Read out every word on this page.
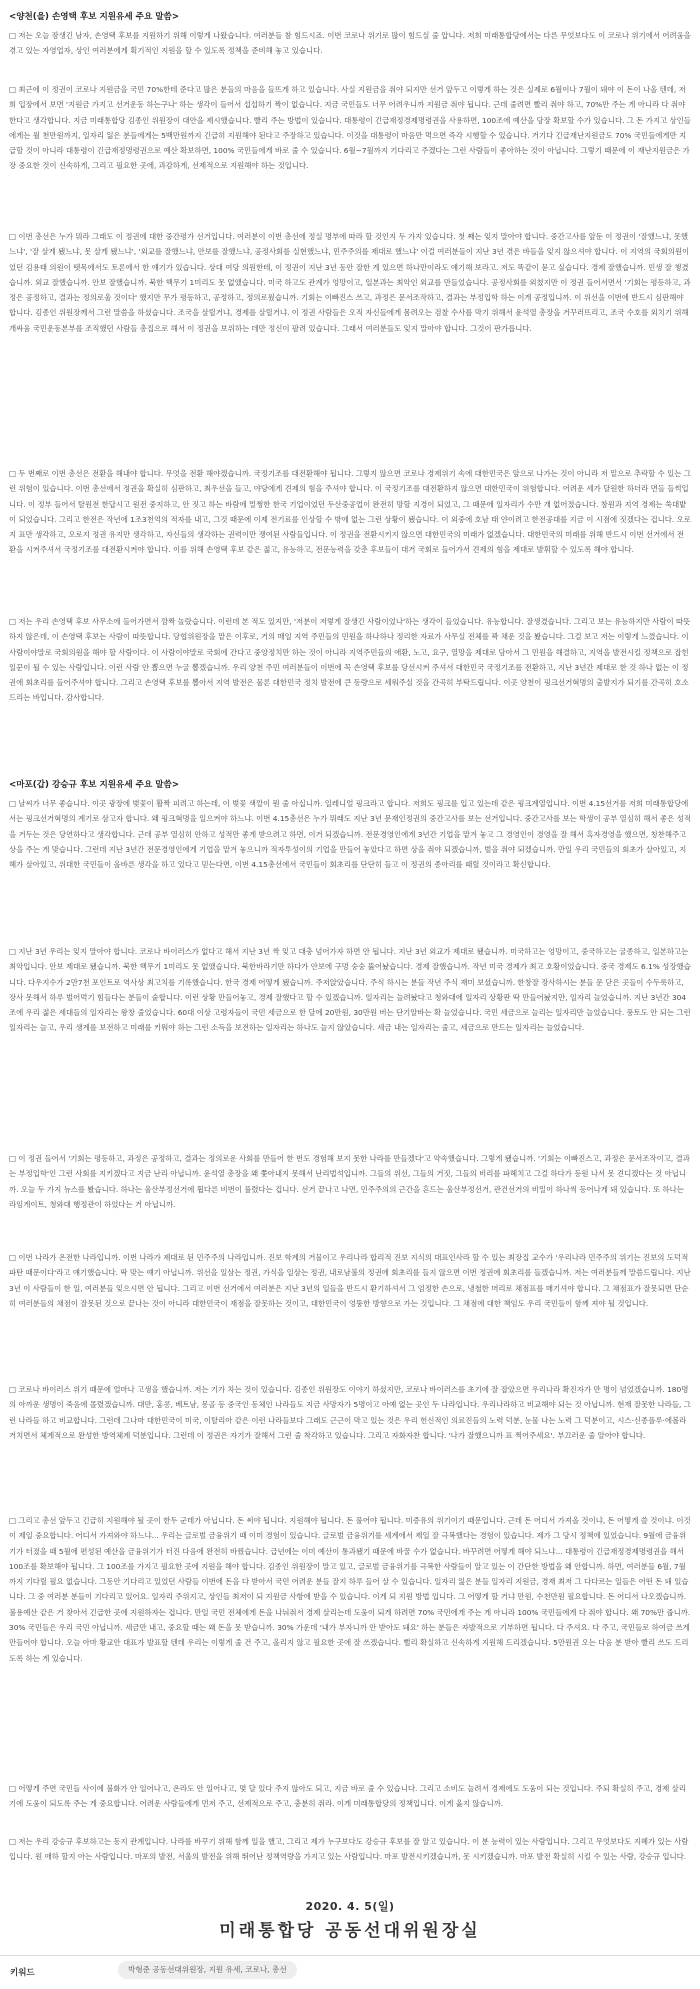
<양천(을) 손영택 후보 지원유세 주요 말씀>
□ 저는 오늘 잠생긴 남자, 손영택 후보를 지원하기 위해 이렇게 나왔습니다. 여러분들 참 힘드시죠. 이번 코로나 위기로 많이 힘드실 줄 압니다. 저희 미래통합당에서는 다른 무엇보다도 이 코로나 위기에서 어려움을 겪고 있는 자영업자, 상인 여러분에게 획기적인 지원을 할 수 있도록 정책을 준비해 놓고 있습니다.
□ 최근에 이 정권이 코로나 지원금을 국민 70%한테 준다고 많은 분들의 마음을 들뜨게 하고 있습니다. 사실 지원금을 줘야 되지만 선거 앞두고 이렇게 하는 것은 실제로 6월이나 7월이 돼야 이 돈이 나올 텐데, 저희 입장에서 보면 '지원금 가지고 선거운동 하는구나' 하는 생각이 들어서 섭섭하기 짝이 없습니다. 지금 국민들도 너무 어려우니까 지원금 줘야 됩니다. 근데 줄려면 빨리 줘야 하고, 70%만 주는 게 아니라 다 줘야 한다고 생각합니다. 지금 미래통합당 김종인 위원장이 대안을 제시했습니다. 빨리 주는 방법이 있습니다. 대통령이 긴급재정경제명령권을 사용하면, 100조에 예산을 당장 확보할 수가 있습니다. 그 돈 가지고 상인들에게는 월 천만원까지, 일자리 잃은 분들에게는 5백만원까지 긴급히 지원해야 된다고 주장하고 있습니다. 이것을 대통령이 마음만 먹으면 즉각 시행할 수 있습니다. 거기다 긴급재난지원금도 70% 국민들에게만 지급할 것이 아니라 대통령이 긴급재정명령권으로 예산 확보하면, 100% 국민들에게 바로 줄 수 있습니다. 6월~7월까지 기다리고 주겠다는 그런 사람들이 좋아하는 것이 아닙니다. 그렇기 때문에 이 재난지원금은 가장 중요한 것이 신속하게, 그리고 필요한 곳에, 과감하게, 선제적으로 지원해야 하는 것입니다.
□ 이번 총선은 누가 뭐라 그래도 이 정권에 대한 중간평가 선거입니다. 여러분이 이번 총선에 정실 명부에 따라 할 것인지 두 가지 있습니다. 첫 째는 잊지 말아야 합니다. 중간고사를 앞둔 이 정권이 '잘했느냐, 못했느냐', '잘 살게 됐느냐, 못 살게 됐느냐', '외교를 잘했느냐, 안보를 잘했느냐, 공정사회를 실현했느냐, 민주주의를 제대로 했느냐' 이걸 여러분들이 지난 3년 겪은 바들을 잊지 않으셔야 합니다. 이 지역의 국회의원이었던 김용태 의원이 뗏목에서도 토론에서 한 얘기가 있습니다. 상대 여당 의원한테, 이 정권이 지난 3년 동안 잘한 게 있으면 하나만이라도 얘기해 보라고. 저도 똑같이 묻고 싶습니다. 경제 잘했습니까. 민생 잘 챙겼습니까. 외교 잘했습니까. 안보 잘했습니까. 북한 핵무기 1미리도 못 없앴습니다. 미국 하고도 관계가 엉망이고, 일본과는 최악인 외교를 만들었습니다. 공정사회를 외쳤지만 이 정권 들어서면서 '기회는 평등하고, 과정은 공정하고, 결과는 정의로울 것이다' 했지만 무가 평등하고, 공정하고, 정의로웠습니까. 기회는 이빠진스 쓰고, 과정은 문서조작하고, 결과는 부정입학 하는 이게 공정입니까. 이 위선을 이번에 반드시 심판해야 합니다. 김종인 위원장께서 그런 말씀을 하셨습니다. 조국을 살릴거냐, 경제를 살릴거냐. 이 정권 사람들은 오직 자신들에게 몸려오는 검찰 수사를 막기 위해서 윤석열 총장을 거꾸러뜨리고, 조국 수호를 외치기 위해 개싸움 국민운동본부를 조직했던 사람들 총집으로 해서 이 정권을 보위하는 데만 정신이 팔려 있습니다. 그래서 여러분들도 잊지 말아야 합니다. 그것이 판가릅니다.
□ 두 번째로 이번 총선은 전환을 해내야 합니다. 무엇을 전환 해야겠습니까. 국정기조를 대전환해야 됩니다. 그렇지 않으면 코로나 경제위기 속에 대한민국은 앞으로 나가는 것이 아니라 저 밑으로 추락할 수 있는 그런 위험이 있습니다. 이번 총선에서 정권을 확실히 심판하고, 최우선을 들고, 야당에게 견제의 힘을 주셔야 합니다. 이 국정기조를 대전환하지 않으면 대한민국이 위험합니다. 어려운 세가 달원한 하더라 면들 들썩입니다. 이 정부 들어서 탈원전 한답시고 원전 중지하고, 안 짓고 하는 바람에 멀쩡한 한국 기업이었던 두산중공업이 완전히 망할 지경이 되었고, 그 때문에 일자리가 수만 개 없어졌습니다. 창원과 지역 경제는 쑥대밭이 되었습니다. 그리고 한전은 작년에 1조3천억의 적자를 내고, 그것 때문에 이제 전기료를 인상할 수 밖에 없는 그런 상황이 됐습니다. 이 외중에 호남 태 얀이려고 한전공대를 지금 이 시점에 짓겠다는 겁니다. 오로지 표만 생각하고, 오로지 정권 유지만 생각하고, 자신들의 생각하는 권력이만 쟁여된 사람들입니다. 이 정권을 전환시키지 않으면 대한민국의 미래가 없겠습니다. 대한민국의 미래를 위해 반드시 이번 선거에서 전환을 시켜주셔서 국정기조를 대전환시켜야 합니다. 이를 위해 손영택 후보 같은 젊고, 유능하고, 전문능력을 갖춘 후보들이 대거 국회로 들어가서 견제의 힘을 제대로 발휘할 수 있도록 해야 합니다.
□ 저는 우리 손영택 후보 사무소에 들어가면서 깜짝 놀랐습니다. 이런데 본 적도 있지만, '저분이 저렇게 잘생긴 사람이었나'하는 생각이 들었습니다. 유능합니다. 잘생겼습니다. 그리고 보는 유능하지만 사람이 따뜻하지 않은데, 이 손영택 후보는 사람이 따뜻합니다. 당협위원장을 맡은 이후로, 거의 매일 지역 주민들의 민원을 하나하나 정리한 자료가 사무실 전체를 꽉 채운 것을 봤습니다. 그걸 보고 저는 이렇게 느꼈습니다. 이 사람이야말로 국회의원을 해야 할 사람이다. 이 사람이야말로 국회에 간다고 중앙정치만 하는 것이 아니라 지역주민들의 애환, 노고, 요구, 열망을 제대로 담아서 그 민원을 해결하고, 지역을 발전시킬 정책으로 잡힌 일꾼이 될 수 있는 사람입니다. 이런 사람 안 뽑으면 누굴 뽑겠습니까. 우리 양천 주민 여러분들이 이번에 꼭 손영택 후보를 당선시켜 주셔서 대한민국 국정기조를 전환하고, 지난 3년간 제대로 한 것 하나 없는 이 정권에 회초리를 들어주셔야 합니다. 그리고 손영택 후보를 뽑아서 지역 발전은 물론 대한민국 정치 발전에 큰 동량으로 세워주실 것을 간곡히 부탁드립니다. 이곳 양천이 핑크선거혁명의 출발지가 되기를 간곡히 호소드리는 바입니다. 감사합니다.
<마포(갑) 강승규 후보 지원유세 주요 말씀>
□ 날씨가 너무 좋습니다. 이곳 광장에 벚꽃이 활짝 피려고 하는데, 이 벚꽃 색깔이 뭔 줄 아십니까. 일레니얼 핑크라고 합니다. 저희도 핑크를 입고 있는데 같은 핑크계열입니다. 이번 4.15선거를 저희 미래통합당에서는 핑크선거혁명의 계기로 삼고자 합니다. 왜 핑크혁명을 일으켜야 하느냐. 이번 4.15총선은 누가 뭐래도 지난 3년 문재인정권의 중간고사를 보는 선거입니다. 중간고사를 보는 학생이 공부 열심히 해서 좋은 성적을 거두는 것은 당연하다고 생각합니다. 근데 공부 열심히 안하고 성적만 좋게 받으려고 하면, 이거 되겠습니까. 전문경영인에게 3년간 기업을 맡겨 놓고 그 경영인이 경영을 잘 해서 흑자경영을 했으면, 칭찬해주고 상을 주는 게 맞습니다. 그런데 지난 3년간 전문경영인에게 기업을 맡겨 놓으니까 적자투성이의 기업을 만들어 놓았다고 하면 상을 줘야 되겠습니까, 벌을 줘야 되겠습니까. 만일 우리 국민들의 회초가 살아있고, 지혜가 살아있고, 위대한 국민들이 올바른 생각을 하고 있다고 믿는다면, 이번 4.15총선에서 국민들이 회초리를 단단히 들고 이 정권의 종아리를 때릴 것이라고 확신합니다.
□ 지난 3년 우리는 잊지 말아야 합니다. 코로나 바이러스가 없다고 해서 지난 3년 싹 잊고 대충 넘어가자 하면 안 됩니다. 지난 3년 외교가 제대로 됐습니까. 미국하고는 엉망이고, 중국하고는 굴종하고, 일본하고는 최악입니다. 안보 제대로 됐습니까. 북한 핵무기 1미리도 못 없앴습니다. 북한바라기만 하다가 안보에 구멍 숭숭 뚫어놨습니다. 경제 잘했습니까. 작년 미국 경제가 최고 호황이었습니다. 중국 경제도 6.1% 성장했습니다. 다우지수가 2만7천 포인트로 역사상 최고치를 기록했습니다. 한국 경제 어떻게 됐습니까. 주저앉았습니다. 주식 하시는 분들 작년 주식 재미 보셨습니까. 한창잘 장사하시는 분들 문 닫은 곳들이 수두룩하고, 장사 못해서 하루 벌어먹기 힘들다는 분들이 숱합니다. 이런 상황 만들어놓고, 경제 잘했다고 할 수 있겠습니까. 일자리는 늘려놨다고 청와대에 일자리 상황판 딱 만들어놨지만, 일자리 늘었습니까. 지난 3년간 304조에 우리 젊은 세대들의 일자리는 왕창 줄었습니다. 60대 이상 고령자들이 국민 세금으로 한 달에 20만원, 30만원 버는 단기알바는 확 늘었습니다. 국민 세금으로 늘리는 일자리만 늘었습니다. 풍토도 안 되는 그런 일자리는 늘고, 우리 생계를 보전하고 미래를 키워야 하는 그런 소득을 보전하는 일자리는 하나도 늘지 않았습니다. 세금 내는 일자리는 줄고, 세금으로 만드는 일자리는 늘었습니다.
□ 이 정권 들어서 '기회는 평등하고, 과정은 공정하고, 결과는 정의로운 사회를 만들어 한 번도 경험해 보지 못한 나라를 만들겠다'고 약속했습니다. 그렇게 됐습니까. '기회는 이빠진스고, 과정은 문서조작이고, 결과는 부정입학'인 그런 사회를 지키겠다고 지금 난리 아닙니까. 윤석열 총장을 왜 쫓아내지 못해서 난리법석입니까. 그들의 위선, 그들의 거짓, 그들의 비리를 파헤치고 그걸 하다가 등원 나서 못 견디겠다는 것 아닙니까. 오늘 두 가지 뉴스를 봤습니다. 하나는 울산부정선거에 휩다른 비번이 풀렸다는 겁니다. 선거 끝나고 나면, 민주주의의 근간을 흔드는 울산부정선거, 관건선거의 비밀이 하나씩 등어나게 돼 있습니다. 또 하나는 라임게이트, 청와대 행정관이 하었다는 거 아닙니까.
□ 이번 나라가 온전한 나라입니까. 이번 나라가 제대로 된 민주주의 나라입니까. 진보 학계의 거물이고 우리나라 합리적 진보 지식의 대표인사라 할 수 있는 최장집 교수가 '우리나라 민주주의 위기는 진보의 도덕적 파탄 때문이다'라고 얘기했습니다. 딱 맞는 얘기 아닙니까. 위선을 일삼는 정권, 가식을 일삼는 정권, 내로남불의 정권에 회초리를 들지 않으면 이번 정권에 회초리를 들겠습니까. 저는 여러분들께 말씀드립니다. 지난 3년 이 사람들이 한 일, 여러분들 잊으시면 안 됩니다. 그리고 이번 선거에서 여러분은 지난 3년의 일들을 반드시 환기하셔서 그 엄정한 손으로, 냉철한 머리로 채점표를 매기셔야 합니다. 그 채점표가 잘못되면 단순히 여러분들의 채점이 잘못된 것으로 끝나는 것이 아니라 대한민국이 재점을 잘못하는 것이고, 대한민국이 엉뚱한 방향으로 가는 것입니다. 그 채점에 대한 책임도 우리 국민들이 함께 져야 될 것입니다.
□ 코로나 바이러스 위기 때문에 얼마나 고생을 했습니까. 저는 기가 차는 것이 있습니다. 김종인 위원장도 이야기 하셨지만, 코로나 바이러스를 초기에 잘 잡았으면 우리나라 확진자가 만 명이 넘었겠습니까. 180명의 아까운 생명이 죽음에 몰렸겠습니까. 대만, 홍콩, 베트남, 몽골 등 중국인 동체인 나라들도 지금 사망자가 5명이고 아예 없는 곳인 두 나라입니다. 우리나라하고 비교해야 되는 것 아닙니까. 현재 잘못한 나라들, 그런 나라들 하고 비교합니다. 그런데 그나마 대한민국이 미국, 이탈리아 같은 이런 나라들보다 그래도 근근이 막고 있는 것은 우리 헌신적인 의료진들의 노력 덕분, 눈물 나는 노력 그 덕분이고, 시스·신종플루·에볼라 거치면서 체계적으로 완성한 방역체계 덕분입니다. 그런데 이 정권은 자기가 잘해서 그런 줄 착각하고 있습니다. 그리고 자화자찬 합니다. '나가 잘했으니까 표 찍어주세요'. 부끄러운 줄 알아야 합니다.
□ 그리고 총선 앞두고 긴급히 지원해야 될 곳이 한두 군데가 아닙니다. 돈 써야 됩니다. 지원해야 됩니다. 돈 풀어야 됩니다. 미증유의 위기이기 때문입니다. 근데 돈 어디서 가져올 것이냐, 돈 어떻게 쓸 것이냐. 이것이 제일 중요합니다. 어디서 가져와야 하느냐... 우리는 글로벌 금융위기 때 이미 경험이 있습니다. 글로벌 금융위기를 세계에서 제일 잘 극복했다는 경험이 있습니다. 제가 그 당시 정책에 있었습니다. 9월에 금융위기가 터졌을 때 5월에 편성된 예산을 금융위기가 터진 다음에 완전히 바꿨습니다. 급년에는 이미 예산이 통과됐기 때문에 바꿀 수가 없습니다. 바꾸려면 어떻게 해야 되느냐... 대통령이 긴급재정경제명령권을 해서 100조를 확보해야 됩니다. 그 100조를 가지고 필요한 곳에 지원을 해야 합니다. 김종인 위원장이 말고 있고, 글로벌 금융위기를 극복한 사람들이 알고 있는 이 간단한 방법을 왜 안합니까. 하면, 여러분들 6월, 7월까지 기다릴 필요 없습니다. 그동안 기다리고 있었던 사람들 이번에 돈을 다 받아서 국민 어려운 분들 잘지 하루 들어 살 수 있습니다. 일자리 잃은 분들 일자리 지원금, 경재 최저 그 다다르는 일들은 어떤 돈 돼 있습니다. 그 중 여러분 분들이 기다리고 있어요. 일자리 주위지고, 상인들 최저이 되 지원금 사항에 받을 수 있습니다. 이게 되 지원 방법 입니다. 그 어떻게 할 거냐 만원, 수천만원 필요합니다. 돈 어디서 나오겠습니까. 불용예산 같은 거 찾아서 긴급한 곳에 지원하자는 겁니다. 만일 국민 전체에게 돈을 나눠줘서 경제 살리는데 도움이 되게 하려면 70% 국민에게 주는 게 아니라 100% 국민들에게 다 줘야 합니다. 왜 70%만 줍니까. 30% 국민들은 우리 국민 아닙니까. 세금만 내고, 중요할 때는 왜 돈을 못 받습니까. 30% 가운데 '내가 부자니까 안 받아도 돼요' 하는 분들은 자발적으로 기부하면 됩니다. 다 주셔요. 다 주고, 국민들로 하여금 쓰게 만들어야 합니다. 오늘 아마 황교안 대표가 발표할 텐데 우리는 이렇게 줄 건 주고, 올리지 않고 필요한 곳에 잘 쓰겠습니다. 뻘리 확실하고 신속하게 지원해 드리겠습니다. 5만원권 오는 다음 분 받아 빨리 쓰도 드리도록 하는 게 있습니다.
□ 어떻게 주면 국민들 사이에 불화가 안 일어나고, 온라도 안 일어나고, 몇 달 있다 주지 않아도 되고, 지금 바로 줄 수 있습니다. 그리고 소비도 늘려서 경제에도 도움이 되는 것입니다. 주되 확실히 주고, 경제 살리기에 도움이 되도록 주는 게 중요합니다. 어려운 사람들에게 먼저 주고, 선제적으로 주고, 충분히 줘라. 이게 미래통합당의 정책입니다. 이게 옳지 않습니까.
□ 저는 우리 강승규 후보하고는 동지 관계입니다. 나라를 바꾸기 위해 함께 일을 했고, 그리고 제가 누구보다도 강승규 후보를 잘 알고 있습니다. 이 분 능력이 있는 사람입니다. 그리고 무엇보다도 지혜가 있는 사람입니다. 원 애하 할지 아는 사람입니다. 마포의 발전, 서울의 발전을 위해 뛰어난 정책역량을 가지고 있는 사람입니다. 마포 발전시키겠습니까, 못 시키겠습니까. 마포 발전 확실히 시킬 수 있는 사람, 강승규 입니다.
2020. 4. 5(일)
미래통합당 공동선대위원장실
키워드	박형준 공동선대위원장, 지원 유세, 코로나, 총선
